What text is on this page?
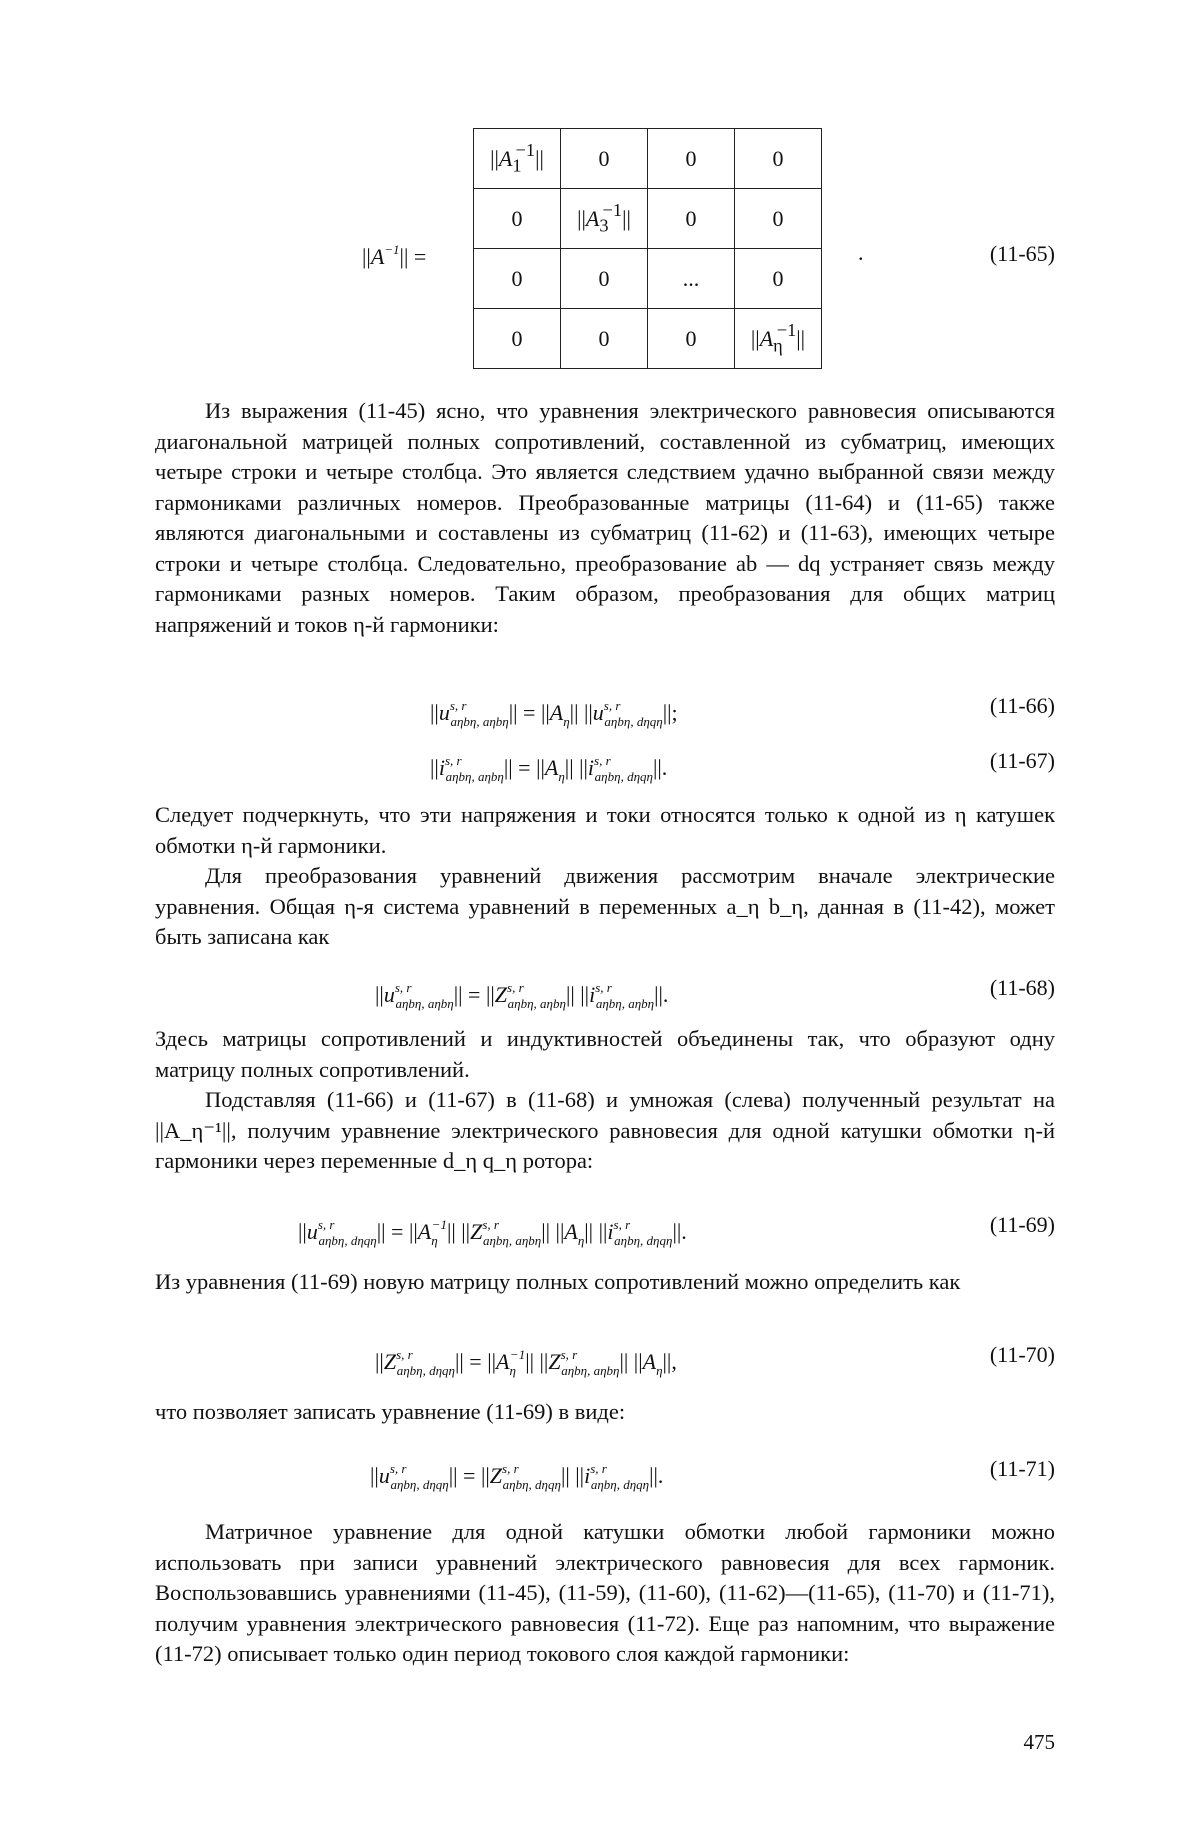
$||A^{-1}||$ =
$||A_1^{-1}||$	0	0	0
0	$||A_3^{-1}||$	0	0
0	0	...	0
0	0	0	$||A_\eta^{-1}||$
.	(11-65)

Из выражения (11-45) ясно, что уравнения электрического равновесия описываются диагональной матрицей полных сопротивлений, составленной из субматриц, имеющих четыре строки и четыре столбца. Это является следствием удачно выбранной связи между гармониками различных номеров. Преобразованные матрицы (11-64) и (11-65) также являются диагональными и составлены из субматриц (11-62) и (11-63), имеющих четыре строки и четыре столбца. Следовательно, преобразование ab — dq устраняет связь между гармониками разных номеров. Таким образом, преобразования для общих матриц напряжений и токов η-й гармоники:

$||u^{s, r}_{a\eta b\eta, a\eta b\eta}|| = ||A_\eta||$ $||u^{s, r}_{a\eta b\eta, d\eta q\eta}||$;	(11-66)
$||i^{s, r}_{a\eta b\eta, a\eta b\eta}|| = ||A_\eta||$ $||i^{s, r}_{a\eta b\eta, d\eta q\eta}||$.	(11-67)

Следует подчеркнуть, что эти напряжения и токи относятся только к одной из η катушек обмотки η-й гармоники.

Для преобразования уравнений движения рассмотрим вначале электрические уравнения. Общая η-я система уравнений в переменных a_η b_η, данная в (11-42), может быть записана как

$||u^{s, r}_{a\eta b\eta, a\eta b\eta}|| = ||Z^{s, r}_{a\eta b\eta, a\eta b\eta}||$ $||i^{s, r}_{a\eta b\eta, a\eta b\eta}||$.	(11-68)

Здесь матрицы сопротивлений и индуктивностей объединены так, что образуют одну матрицу полных сопротивлений.

Подставляя (11-66) и (11-67) в (11-68) и умножая (слева) полученный результат на ||A_η⁻¹||, получим уравнение электрического равновесия для одной катушки обмотки η-й гармоники через переменные d_η q_η ротора:

$||u^{s, r}_{a\eta b\eta, d\eta q\eta}|| = ||A_\eta^{-1}||$ $||Z^{s, r}_{a\eta b\eta, a\eta b\eta}||$ $||A_\eta||$ $||i^{s, r}_{a\eta b\eta, d\eta q\eta}||$.	(11-69)

Из уравнения (11-69) новую матрицу полных сопротивлений можно определить как

$||Z^{s, r}_{a\eta b\eta, d\eta q\eta}|| = ||A_\eta^{-1}||$ $||Z^{s, r}_{a\eta b\eta, a\eta b\eta}||$ $||A_\eta||$,	(11-70)

что позволяет записать уравнение (11-69) в виде:

$||u^{s, r}_{a\eta b\eta, d\eta q\eta}|| = ||Z^{s, r}_{a\eta b\eta, d\eta q\eta}||$ $||i^{s, r}_{a\eta b\eta, d\eta q\eta}||$.	(11-71)

Матричное уравнение для одной катушки обмотки любой гармоники можно использовать при записи уравнений электрического равновесия для всех гармоник. Воспользовавшись уравнениями (11-45), (11-59), (11-60), (11-62)—(11-65), (11-70) и (11-71), получим уравнения электрического равновесия (11-72). Еще раз напомним, что выражение (11-72) описывает только один период токового слоя каждой гармоники:

475
